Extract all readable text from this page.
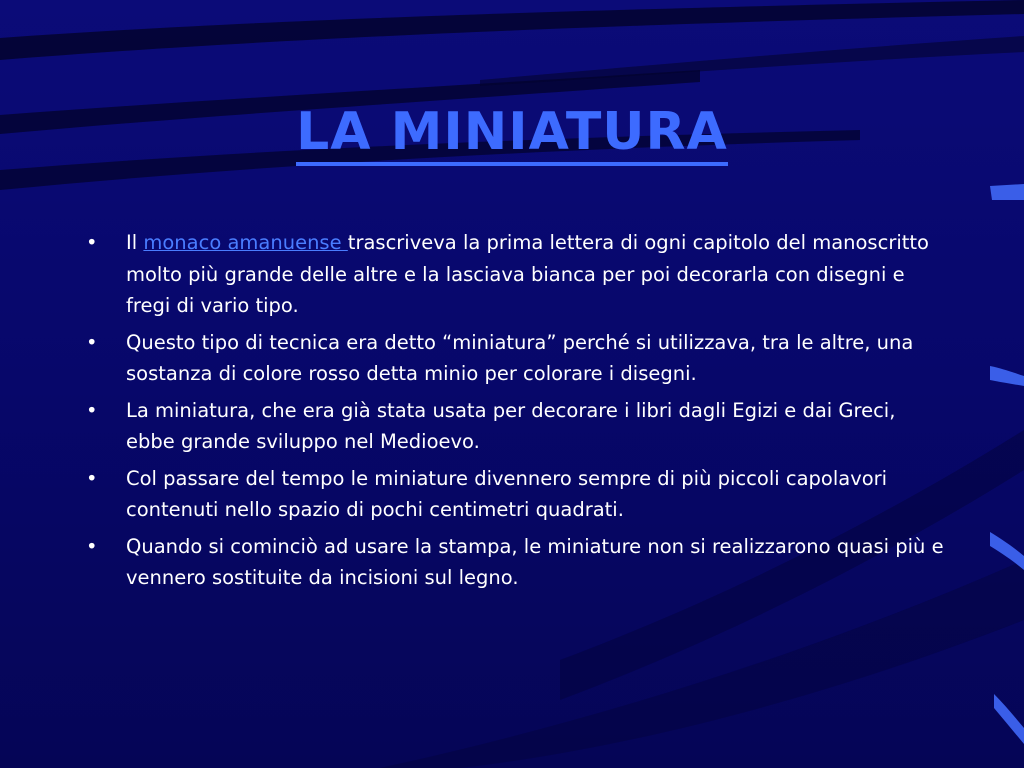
LA MINIATURA
• Il monaco amanuense trascriveva la prima lettera di ogni capitolo del manoscritto molto più grande delle altre e la lasciava bianca per poi decorarla con disegni e fregi di vario tipo.
• Questo tipo di tecnica era detto “miniatura” perché si utilizzava, tra le altre, una sostanza di colore rosso detta minio per colorare i disegni.
• La miniatura, che era già stata usata per decorare i libri dagli Egizi e dai Greci, ebbe grande sviluppo nel Medioevo.
• Col passare del tempo le miniature divennero sempre di più piccoli capolavori contenuti nello spazio di pochi centimetri quadrati.
• Quando si cominciò ad usare la stampa, le miniature non si realizzarono quasi più e vennero sostituite da incisioni sul legno.
